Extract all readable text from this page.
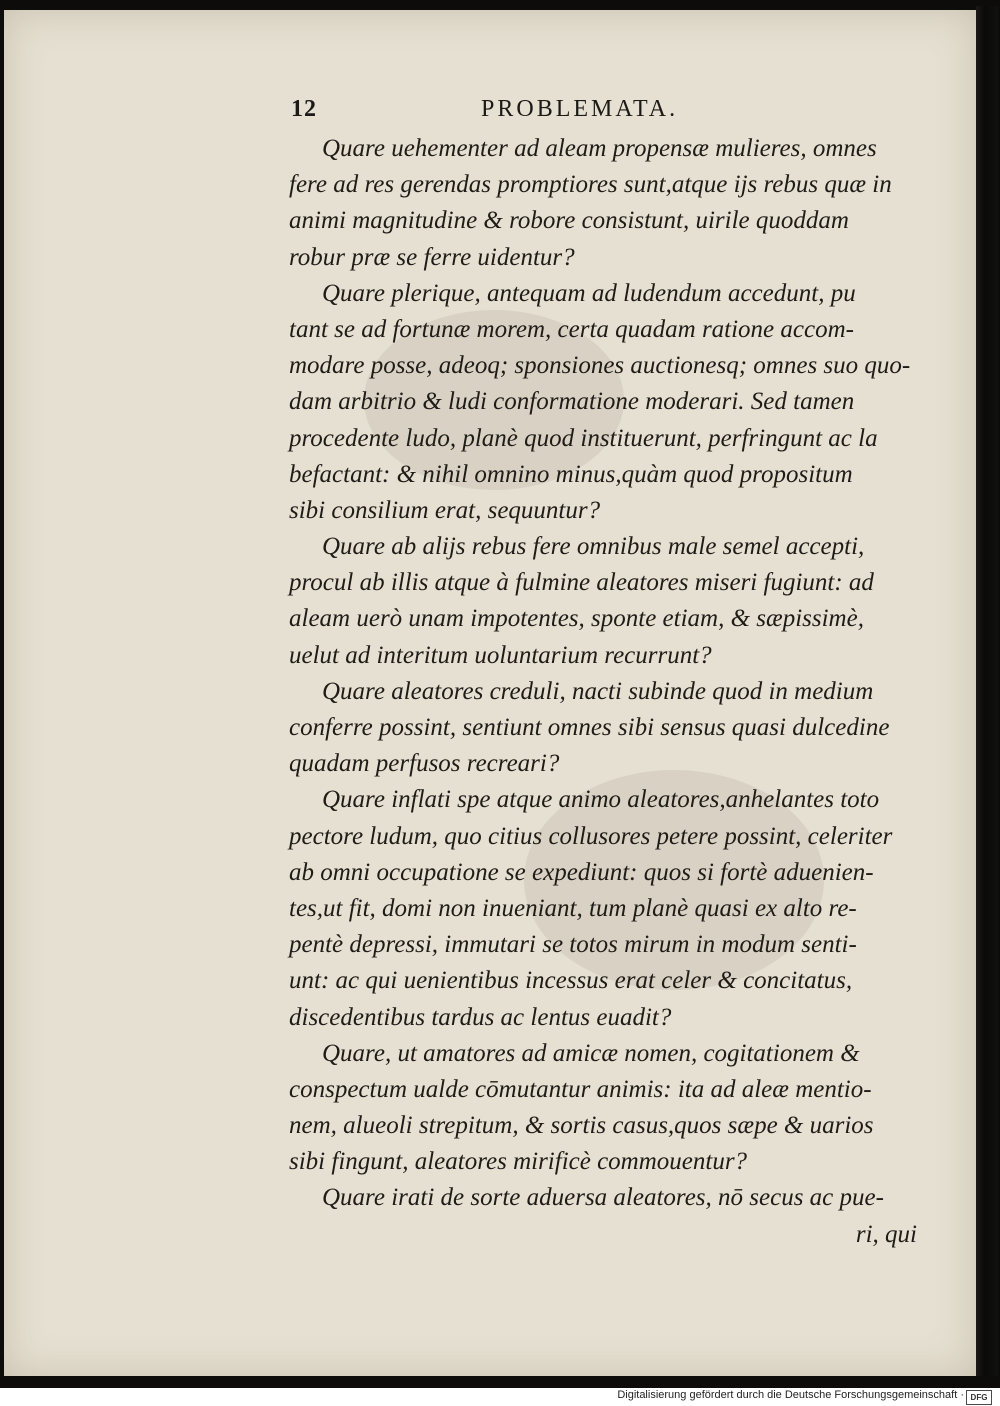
12	PROBLEMATA.
Quare uehementer ad aleam propensæ mulieres, omnes
fere ad res gerendas promptiores sunt,atque ijs rebus quæ in
animi magnitudine & robore consistunt, uirile quoddam
robur præ se ferre uidentur?
Quare plerique, antequam ad ludendum accedunt, pu
tant se ad fortunæ morem, certa quadam ratione accom-
modare posse, adeoq; sponsiones auctionesq; omnes suo quo-
dam arbitrio & ludi conformatione moderari. Sed tamen
procedente ludo, planè quod instituerunt, perfringunt ac la
befactant: & nihil omnino minus,quàm quod propositum
sibi consilium erat, sequuntur?
Quare ab alijs rebus fere omnibus male semel accepti,
procul ab illis atque à fulmine aleatores miseri fugiunt: ad
aleam uerò unam impotentes, sponte etiam, & sæpissimè,
uelut ad interitum uoluntarium recurrunt?
Quare aleatores creduli, nacti subinde quod in medium
conferre possint, sentiunt omnes sibi sensus quasi dulcedine
quadam perfusos recreari?
Quare inflati spe atque animo aleatores,anhelantes toto
pectore ludum, quo citius collusores petere possint, celeriter
ab omni occupatione se expediunt: quos si fortè aduenien-
tes,ut fit, domi non inueniant, tum planè quasi ex alto re-
pentè depressi, immutari se totos mirum in modum senti-
unt: ac qui uenientibus incessus erat celer & concitatus,
discedentibus tardus ac lentus euadit?
Quare, ut amatores ad amicæ nomen, cogitationem &
conspectum ualde cōmutantur animis: ita ad aleæ mentio-
nem, alueoli strepitum, & sortis casus,quos sæpe & uarios
sibi fingunt, aleatores mirificè commouentur?
Quare irati de sorte aduersa aleatores, nō secus ac pue-
ri, qui
Digitalisierung gefördert durch die Deutsche Forschungsgemeinschaft · DFG
